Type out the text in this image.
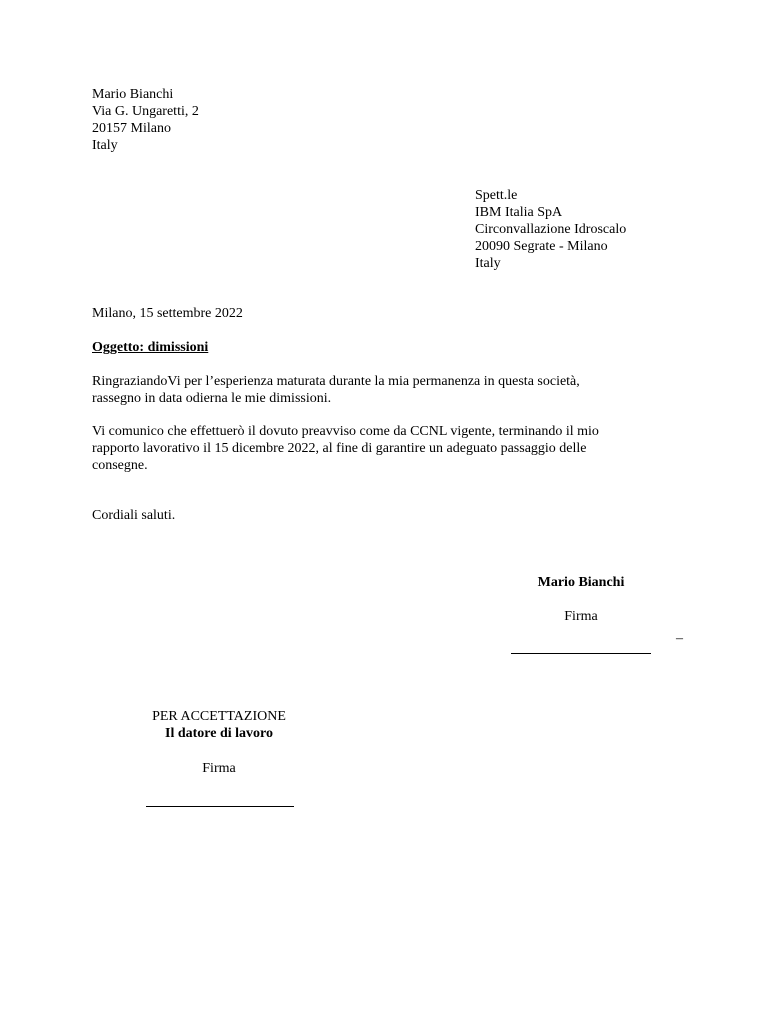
Mario Bianchi
Via G. Ungaretti, 2
20157 Milano
Italy
Spett.le
IBM Italia SpA
Circonvallazione Idroscalo
20090 Segrate - Milano
Italy
Milano, 15 settembre 2022
Oggetto: dimissioni
RingraziandoVi per l’esperienza maturata durante la mia permanenza in questa società,
rassegno in data odierna le mie dimissioni.
Vi comunico che effettuerò il dovuto preavviso come da CCNL vigente, terminando il mio
rapporto lavorativo il 15 dicembre 2022, al fine di garantire un adeguato passaggio delle
consegne.
Cordiali saluti.
Mario Bianchi
Firma
–
PER ACCETTAZIONE
Il datore di lavoro
Firma
